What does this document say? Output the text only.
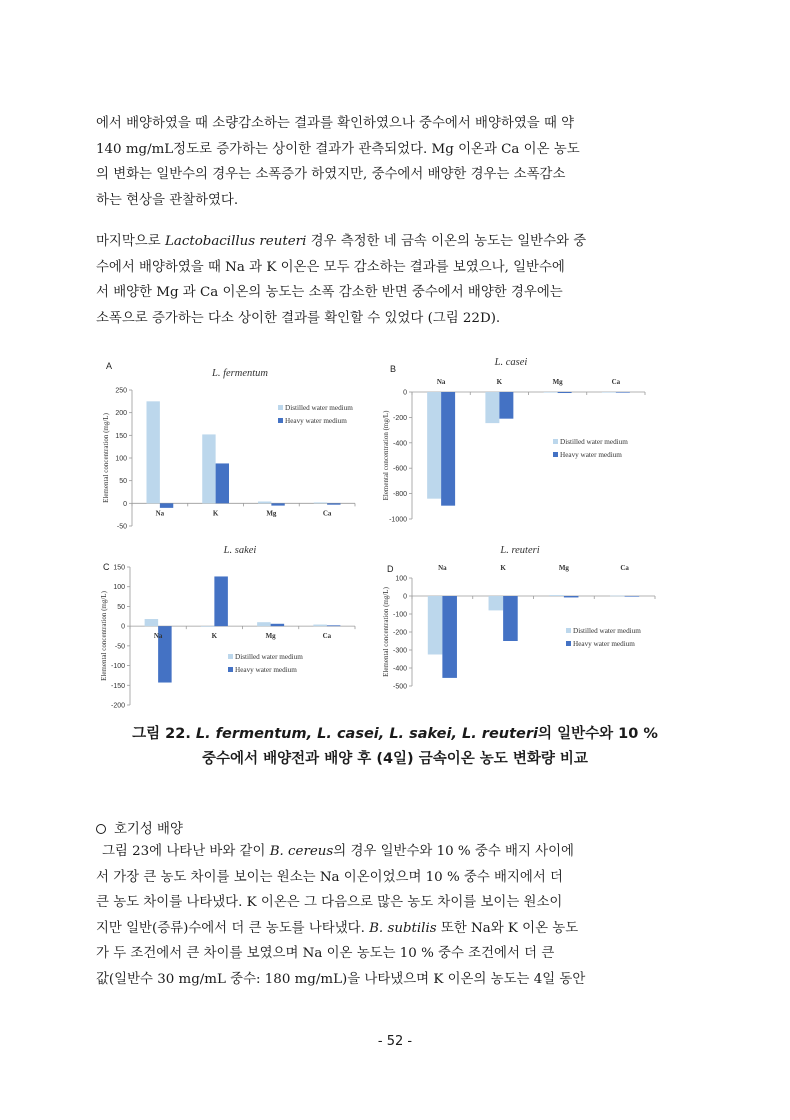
에서 배양하였을 때 소량감소하는 결과를 확인하였으나 중수에서 배양하였을 때 약

140 mg/mL정도로 증가하는 상이한 결과가 관측되었다. Mg 이온과 Ca 이온 농도

의 변화는 일반수의 경우는 소폭증가 하였지만, 중수에서 배양한 경우는 소폭감소

하는 현상을 관찰하였다.

마지막으로 Lactobacillus reuteri 경우 측정한 네 금속 이온의 농도는 일반수와 중

수에서 배양하였을 때 Na 과 K 이온은 모두 감소하는 결과를 보였으나, 일반수에

서 배양한 Mg 과 Ca 이온의 농도는 소폭 감소한 반면 중수에서 배양한 경우에는

소폭으로 증가하는 다소 상이한 결과를 확인할 수 있었다 (그림 22D).

A
L. fermentum
Elemental concentration (mg/L)
-50
0
50
100
150
200
250
Na	K	Mg	Ca
Distilled water medium
Heavy water medium
B
L. casei
Elemental concentration (mg/L)
-1000
-800
-600
-400
-200
0
Na	K	Mg	Ca
Distilled water medium
Heavy water medium
C
L. sakei
Elemental concentration (mg/L)
-200
-150
-100
-50
0
50
100
150
Na	K	Mg	Ca
Distilled water medium
Heavy water medium
D
L. reuteri
Elemental concentration (mg/L)
-500
-400
-300
-200
-100
0
100
Na	K	Mg	Ca
Distilled water medium
Heavy water medium

그림 22. L. fermentum, L. casei, L. sakei, L. reuteri의 일반수와 10 %

중수에서 배양전과 배양 후 (4일) 금속이온 농도 변화량 비교

호기성 배양

그림 23에 나타난 바와 같이 B. cereus의 경우 일반수와 10 % 중수 배지 사이에

서 가장 큰 농도 차이를 보이는 원소는 Na 이온이었으며 10 % 중수 배지에서 더

큰 농도 차이를 나타냈다. K 이온은 그 다음으로 많은 농도 차이를 보이는 원소이

지만 일반(증류)수에서 더 큰 농도를 나타냈다. B. subtilis 또한 Na와 K 이온 농도

가 두 조건에서 큰 차이를 보였으며 Na 이온 농도는 10 % 중수 조건에서 더 큰

값(일반수 30 mg/mL 중수: 180 mg/mL)을 나타냈으며 K 이온의 농도는 4일 동안

- 52 -
